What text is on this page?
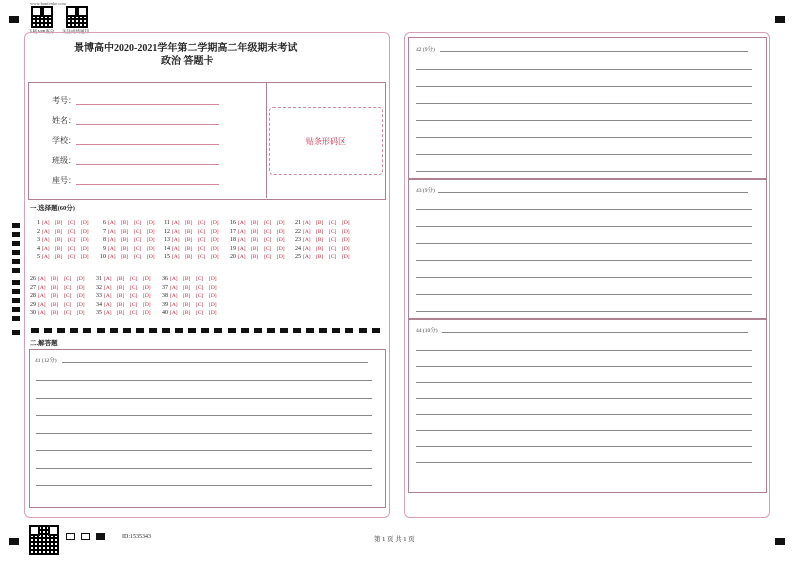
www.banfenke.com
下载APP查分 关注成绩通知
景博高中2020-2021学年第二学期高二年级期末考试
政治 答题卡
考号：
姓名：
学校：
班级：
座号：
贴条形码区
一.选择题(60分)
1 [A] [B] [C] [D]
2 [A] [B] [C] [D]
3 [A] [B] [C] [D]
4 [A] [B] [C] [D]
5 [A] [B] [C] [D]
6 [A] [B] [C] [D]
7 [A] [B] [C] [D]
8 [A] [B] [C] [D]
9 [A] [B] [C] [D]
10 [A] [B] [C] [D]
11 [A] [B] [C] [D]
12 [A] [B] [C] [D]
13 [A] [B] [C] [D]
14 [A] [B] [C] [D]
15 [A] [B] [C] [D]
16 [A] [B] [C] [D]
17 [A] [B] [C] [D]
18 [A] [B] [C] [D]
19 [A] [B] [C] [D]
20 [A] [B] [C] [D]
21 [A] [B] [C] [D]
22 [A] [B] [C] [D]
23 [A] [B] [C] [D]
24 [A] [B] [C] [D]
25 [A] [B] [C] [D]
26 [A] [B] [C] [D]
27 [A] [B] [C] [D]
28 [A] [B] [C] [D]
29 [A] [B] [C] [D]
30 [A] [B] [C] [D]
31 [A] [B] [C] [D]
32 [A] [B] [C] [D]
33 [A] [B] [C] [D]
34 [A] [B] [C] [D]
35 [A] [B] [C] [D]
36 [A] [B] [C] [D]
37 [A] [B] [C] [D]
38 [A] [B] [C] [D]
39 [A] [B] [C] [D]
40 [A] [B] [C] [D]
二.解答题
41 (12分)
42 (9分)
43 (9分)
44 (10分)
ID:1535343	第 1 页 共 1 页
